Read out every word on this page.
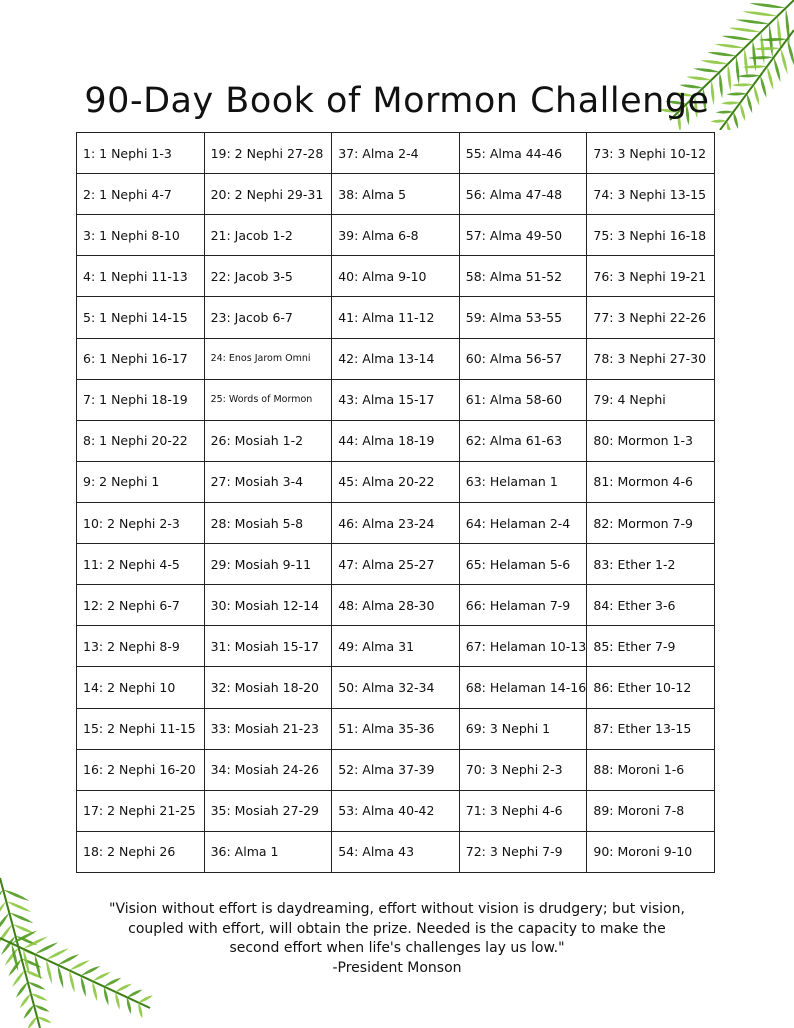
90-Day Book of Mormon Challenge
1: 1 Nephi 1-3	19: 2 Nephi 27-28	37: Alma 2-4	55: Alma 44-46	73: 3 Nephi 10-12
2: 1 Nephi 4-7	20: 2 Nephi 29-31	38: Alma 5	56: Alma 47-48	74: 3 Nephi 13-15
3: 1 Nephi 8-10	21: Jacob 1-2	39: Alma 6-8	57: Alma 49-50	75: 3 Nephi 16-18
4: 1 Nephi 11-13	22: Jacob 3-5	40: Alma 9-10	58: Alma 51-52	76: 3 Nephi 19-21
5: 1 Nephi 14-15	23: Jacob 6-7	41: Alma 11-12	59: Alma 53-55	77: 3 Nephi 22-26
6: 1 Nephi 16-17	24: Enos Jarom Omni	42: Alma 13-14	60: Alma 56-57	78: 3 Nephi 27-30
7: 1 Nephi 18-19	25: Words of Mormon	43: Alma 15-17	61: Alma 58-60	79: 4 Nephi
8: 1 Nephi 20-22	26: Mosiah 1-2	44: Alma 18-19	62: Alma 61-63	80: Mormon 1-3
9: 2 Nephi 1	27: Mosiah 3-4	45: Alma 20-22	63: Helaman 1	81: Mormon 4-6
10: 2 Nephi 2-3	28: Mosiah 5-8	46: Alma 23-24	64: Helaman 2-4	82: Mormon 7-9
11: 2 Nephi 4-5	29: Mosiah 9-11	47: Alma 25-27	65: Helaman 5-6	83: Ether 1-2
12: 2 Nephi 6-7	30: Mosiah 12-14	48: Alma 28-30	66: Helaman 7-9	84: Ether 3-6
13: 2 Nephi 8-9	31: Mosiah 15-17	49: Alma 31	67: Helaman 10-13	85: Ether 7-9
14: 2 Nephi 10	32: Mosiah 18-20	50: Alma 32-34	68: Helaman 14-16	86: Ether 10-12
15: 2 Nephi 11-15	33: Mosiah 21-23	51: Alma 35-36	69: 3 Nephi 1	87: Ether 13-15
16: 2 Nephi 16-20	34: Mosiah 24-26	52: Alma 37-39	70: 3 Nephi 2-3	88: Moroni 1-6
17: 2 Nephi 21-25	35: Mosiah 27-29	53: Alma 40-42	71: 3 Nephi 4-6	89: Moroni 7-8
18: 2 Nephi 26	36: Alma 1	54: Alma 43	72: 3 Nephi 7-9	90: Moroni 9-10

"Vision without effort is daydreaming, effort without vision is drudgery; but vision,

coupled with effort, will obtain the prize. Needed is the capacity to make the

second effort when life's challenges lay us low."

-President Monson
